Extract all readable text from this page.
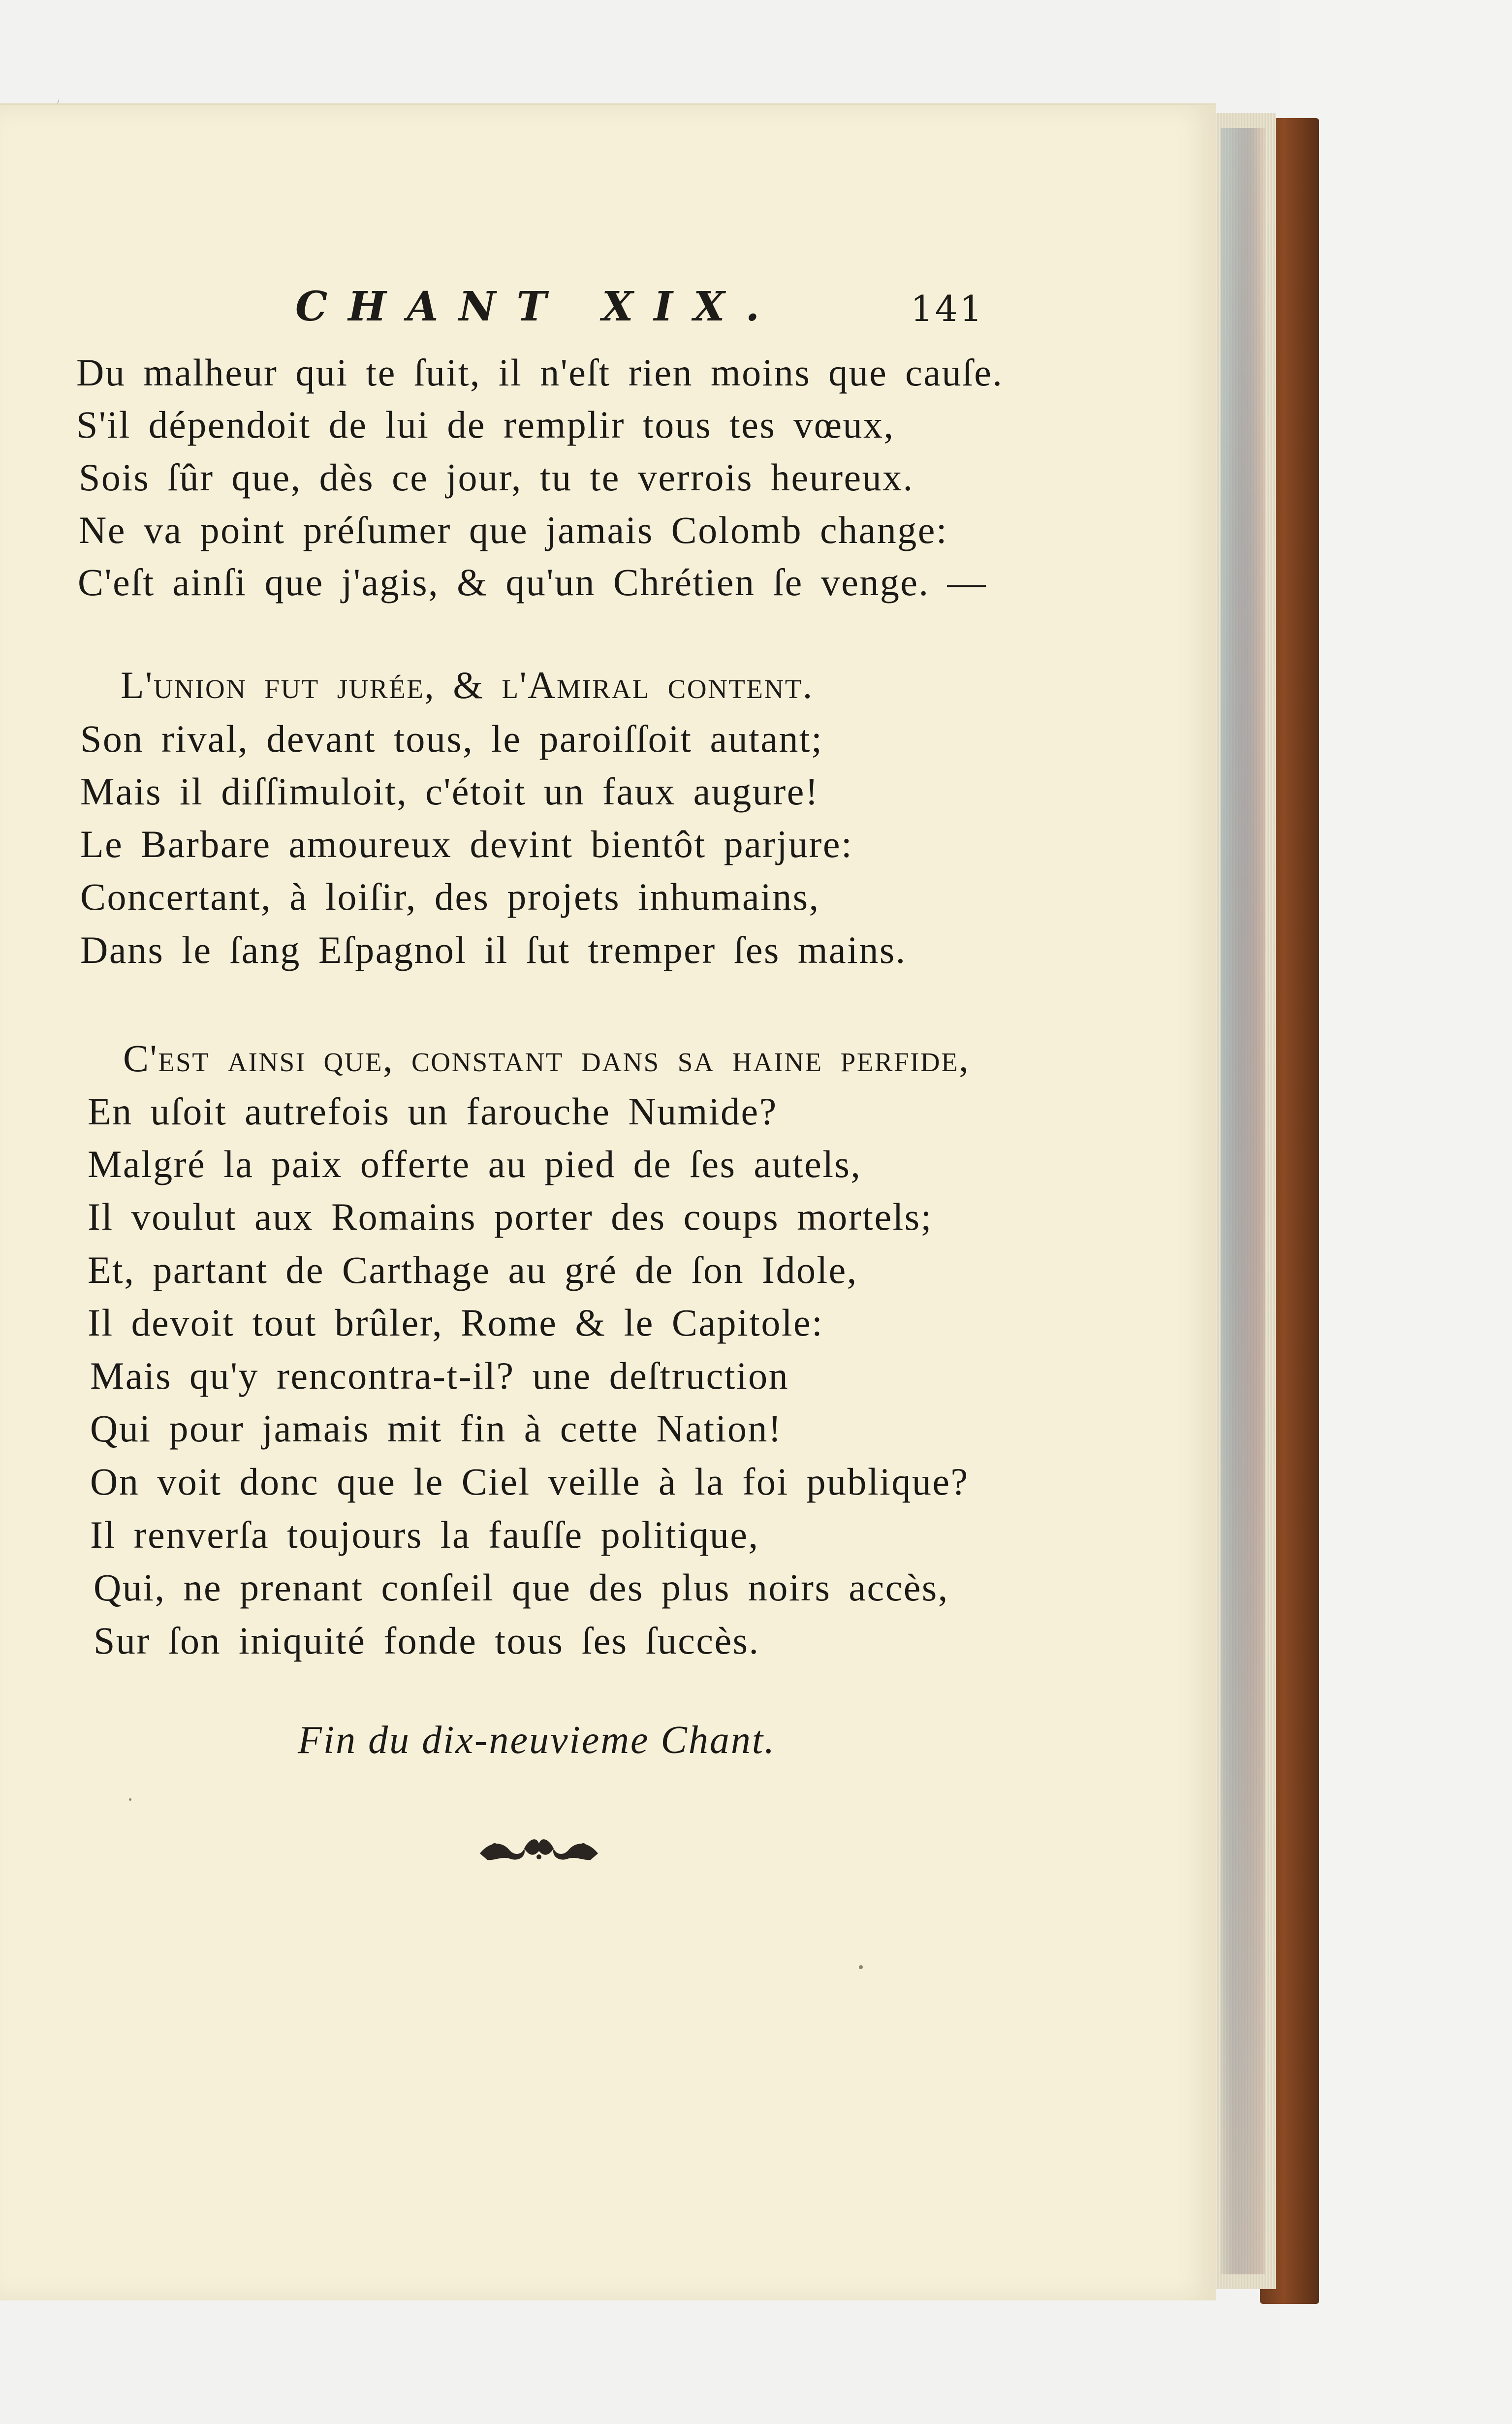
CHANT XIX.	141
Du malheur qui te ſuit, il n'eſt rien moins que cauſe.
S'il dépendoit de lui de remplir tous tes vœux,
Sois ſûr que, dès ce jour, tu te verrois heureux.
Ne va point préſumer que jamais Colomb change:
C'eſt ainſi que j'agis, & qu'un Chrétien ſe venge. —
L'union fut jurée, & l'Amiral content.
Son rival, devant tous, le paroiſſoit autant;
Mais il diſſimuloit, c'étoit un faux augure!
Le Barbare amoureux devint bientôt parjure:
Concertant, à loiſir, des projets inhumains,
Dans le ſang Eſpagnol il ſut tremper ſes mains.
C'est ainſi que, conſtant dans ſa haine perfide,
En uſoit autrefois un farouche Numide?
Malgré la paix offerte au pied de ſes autels,
Il voulut aux Romains porter des coups mortels;
Et, partant de Carthage au gré de ſon Idole,
Il devoit tout brûler, Rome & le Capitole:
Mais qu'y rencontra-t-il? une deſtruction
Qui pour jamais mit fin à cette Nation!
On voit donc que le Ciel veille à la foi publique?
Il renverſa toujours la fauſſe politique,
Qui, ne prenant conſeil que des plus noirs accès,
Sur ſon iniquité fonde tous ſes ſuccès.
Fin du dix-neuvieme Chant.
